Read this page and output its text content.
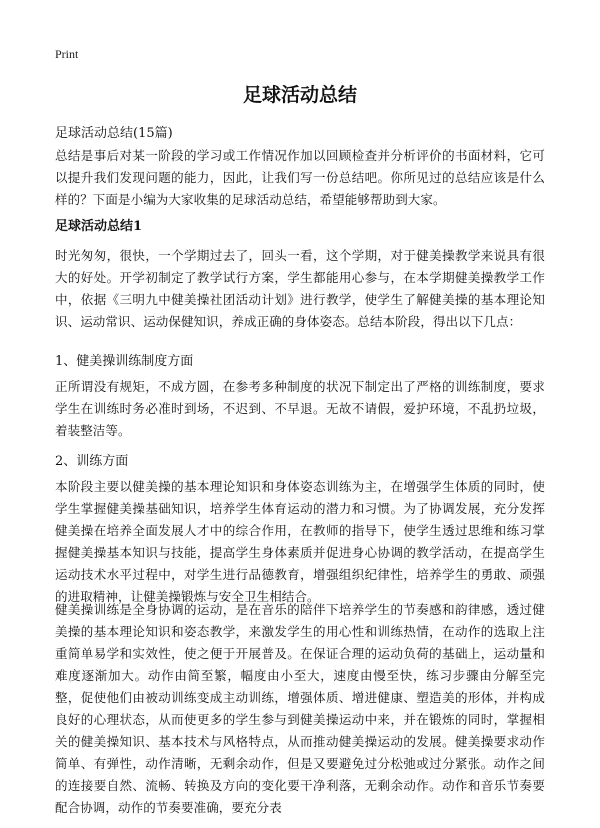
Print
足球活动总结
足球活动总结(15篇)

总结是事后对某一阶段的学习或工作情况作加以回顾检查并分析评价的书面材料，它可以提升我们发现问题的能力，因此，让我们写一份总结吧。你所见过的总结应该是什么样的？下面是小编为大家收集的足球活动总结，希望能够帮助到大家。

足球活动总结1

时光匆匆，很快，一个学期过去了，回头一看，这个学期，对于健美操教学来说具有很大的好处。开学初制定了教学试行方案，学生都能用心参与，在本学期健美操教学工作中，依据《三明九中健美操社团活动计划》进行教学，使学生了解健美操的基本理论知识、运动常识、运动保健知识，养成正确的身体姿态。总结本阶段，得出以下几点：

1、健美操训练制度方面

正所谓没有规矩，不成方圆，在参考多种制度的状况下制定出了严格的训练制度，要求学生在训练时务必准时到场，不迟到、不早退。无故不请假，爱护环境，不乱扔垃圾，着装整洁等。

2、训练方面

本阶段主要以健美操的基本理论知识和身体姿态训练为主，在增强学生体质的同时，使学生掌握健美操基础知识，培养学生体育运动的潜力和习惯。为了协调发展，充分发挥健美操在培养全面发展人才中的综合作用，在教师的指导下，使学生透过思维和练习掌握健美操基本知识与技能，提高学生身体素质并促进身心协调的教学活动，在提高学生运动技术水平过程中，对学生进行品德教育，增强组织纪律性，培养学生的勇敢、顽强的进取精神，让健美操锻炼与安全卫生相结合。

健美操训练是全身协调的运动，是在音乐的陪伴下培养学生的节奏感和韵律感，透过健美操的基本理论知识和姿态教学，来激发学生的用心性和训练热情，在动作的选取上注重简单易学和实效性，使之便于开展普及。在保证合理的运动负荷的基础上，运动量和难度逐渐加大。动作由简至繁，幅度由小至大，速度由慢至快，练习步骤由分解至完整，促使他们由被动训练变成主动训练，增强体质、增进健康、塑造美的形体，并构成良好的心理状态，从而使更多的学生参与到健美操运动中来，并在锻炼的同时，掌握相关的健美操知识、基本技术与风格特点，从而推动健美操运动的发展。健美操要求动作简单、有弹性，动作清晰，无剩余动作，但是又要避免过分松弛或过分紧张。动作之间的连接要自然、流畅、转换及方向的变化要干净利落，无剩余动作。动作和音乐节奏要配合协调，动作的节奏要准确，要充分表
